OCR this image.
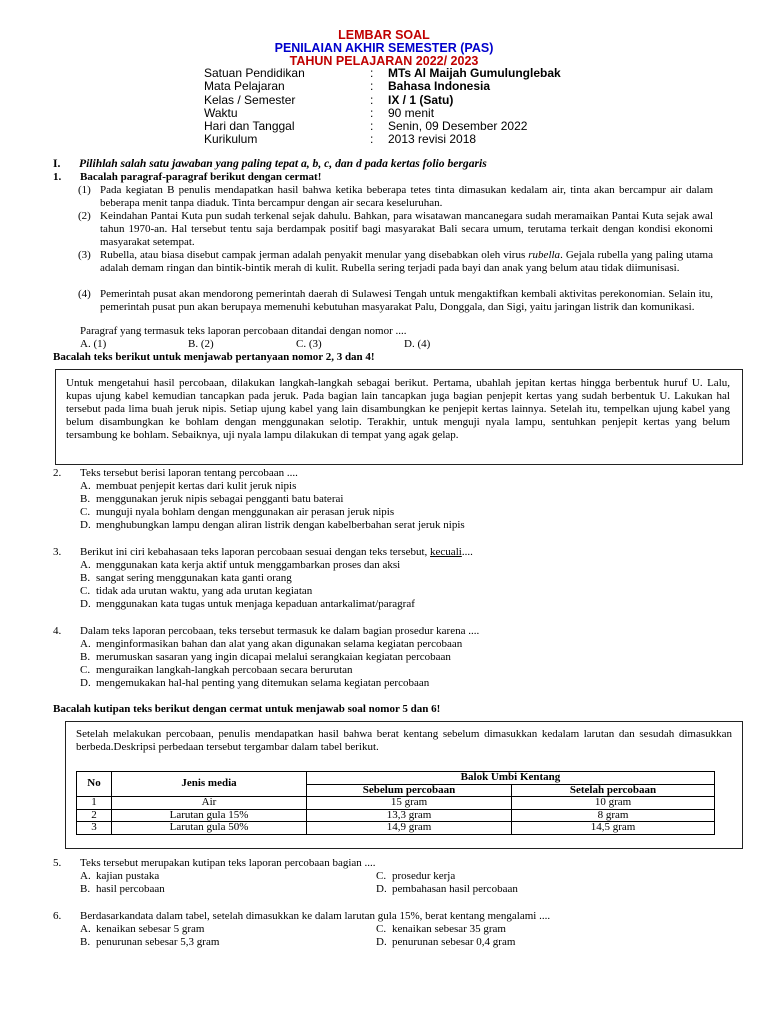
LEMBAR SOAL
PENILAIAN AKHIR SEMESTER (PAS)
TAHUN PELAJARAN 2022/ 2023
Satuan Pendidikan	:	MTs Al Maijah Gumulunglebak
Mata Pelajaran	:	Bahasa Indonesia
Kelas / Semester	:	IX / 1 (Satu)
Waktu	:	90 menit
Hari dan Tanggal	:	Senin, 09 Desember 2022
Kurikulum	:	2013 revisi 2018
I. Pilihlah salah satu jawaban yang paling tepat a, b, c, dan d pada kertas folio bergaris
1. Bacalah paragraf-paragraf berikut dengan cermat!
(1) Pada kegiatan B penulis mendapatkan hasil bahwa ketika beberapa tetes tinta dimasukan kedalam air, tinta akan bercampur air dalam beberapa menit tanpa diaduk. Tinta bercampur dengan air secara keseluruhan.
(2) Keindahan Pantai Kuta pun sudah terkenal sejak dahulu. Bahkan, para wisatawan mancanegara sudah meramaikan Pantai Kuta sejak awal tahun 1970-an. Hal tersebut tentu saja berdampak positif bagi masyarakat Bali secara umum, terutama terkait dengan kondisi ekonomi masyarakat setempat.
(3) Rubella, atau biasa disebut campak jerman adalah penyakit menular yang disebabkan oleh virus rubella. Gejala rubella yang paling utama adalah demam ringan dan bintik-bintik merah di kulit. Rubella sering terjadi pada bayi dan anak yang belum atau tidak diimunisasi.
(4) Pemerintah pusat akan mendorong pemerintah daerah di Sulawesi Tengah untuk mengaktifkan kembali aktivitas perekonomian. Selain itu, pemerintah pusat pun akan berupaya memenuhi kebutuhan masyarakat Palu, Donggala, dan Sigi, yaitu jaringan listrik dan komunikasi.
Paragraf yang termasuk teks laporan percobaan ditandai dengan nomor ....
A. (1)	B. (2)	C. (3)	D. (4)
Bacalah teks berikut untuk menjawab pertanyaan nomor 2, 3 dan 4!
Untuk mengetahui hasil percobaan, dilakukan langkah-langkah sebagai berikut. Pertama, ubahlah jepitan kertas hingga berbentuk huruf U. Lalu, kupas ujung kabel kemudian tancapkan pada jeruk. Pada bagian lain tancapkan juga bagian penjepit kertas yang sudah berbentuk U. Lakukan hal tersebut pada lima buah jeruk nipis. Setiap ujung kabel yang lain disambungkan ke penjepit kertas lainnya. Setelah itu, tempelkan ujung kabel yang belum disambungkan ke bohlam dengan menggunakan selotip. Terakhir, untuk menguji nyala lampu, sentuhkan penjepit kertas yang belum tersambung ke bohlam. Sebaiknya, uji nyala lampu dilakukan di tempat yang agak gelap.
2. Teks tersebut berisi laporan tentang percobaan ....
A. membuat penjepit kertas dari kulit jeruk nipis
B. menggunakan jeruk nipis sebagai pengganti batu baterai
C. munguji nyala bohlam dengan menggunakan air perasan jeruk nipis
D. menghubungkan lampu dengan aliran listrik dengan kabelberbahan serat jeruk nipis
3. Berikut ini ciri kebahasaan teks laporan percobaan sesuai dengan teks tersebut, kecuali....
A. menggunakan kata kerja aktif untuk menggambarkan proses dan aksi
B. sangat sering menggunakan kata ganti orang
C. tidak ada urutan waktu, yang ada urutan kegiatan
D. menggunakan kata tugas untuk menjaga kepaduan antarkalimat/paragraf
4. Dalam teks laporan percobaan, teks tersebut termasuk ke dalam bagian prosedur karena ....
A. menginformasikan bahan dan alat yang akan digunakan selama kegiatan percobaan
B. merumuskan sasaran yang ingin dicapai melalui serangkaian kegiatan percobaan
C. menguraikan langkah-langkah percobaan secara berurutan
D. mengemukakan hal-hal penting yang ditemukan selama kegiatan percobaan
Bacalah kutipan teks berikut dengan cermat untuk menjawab soal nomor 5 dan 6!
Setelah melakukan percobaan, penulis mendapatkan hasil bahwa berat kentang sebelum dimasukkan kedalam larutan dan sesudah dimasukkan berbeda.Deskripsi perbedaan tersebut tergambar dalam tabel berikut.
No	Jenis media	Balok Umbi Kentang	
		Sebelum percobaan	Setelah percobaan
1	Air	15 gram	10 gram
2	Larutan gula 15%	13,3 gram	8 gram
3	Larutan gula 50%	14,9 gram	14,5 gram
5. Teks tersebut merupakan kutipan teks laporan percobaan bagian ....
A. kajian pustaka	C. prosedur kerja
B. hasil percobaan	D. pembahasan hasil percobaan
6. Berdasarkandata dalam tabel, setelah dimasukkan ke dalam larutan gula 15%, berat kentang mengalami ....
A. kenaikan sebesar 5 gram	C. kenaikan sebesar 35 gram
B. penurunan sebesar 5,3 gram	D. penurunan sebesar 0,4 gram
